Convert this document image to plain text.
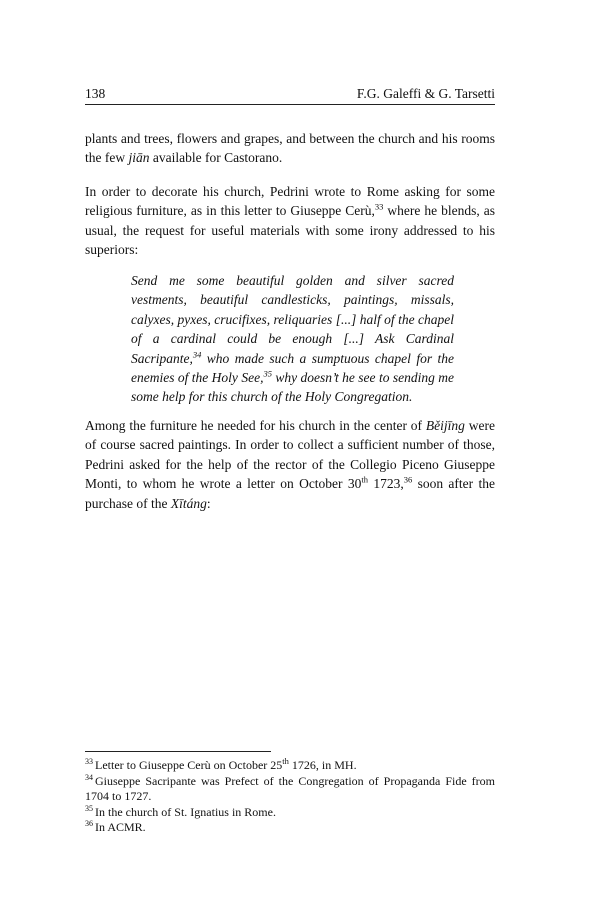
138	F.G. Galeffi & G. Tarsetti

plants and trees, flowers and grapes, and between the church and his rooms the few jiān available for Castorano.

In order to decorate his church, Pedrini wrote to Rome asking for some religious furniture, as in this letter to Giuseppe Cerù,$^{33}$ where he blends, as usual, the request for useful materials with some irony addressed to his superiors:

Send me some beautiful golden and silver sacred vestments, beautiful candlesticks, paintings, missals, calyxes, pyxes, crucifixes, reliquaries [...] half of the chapel of a cardinal could be enough [...] Ask Cardinal Sacripante,$^{34}$ who made such a sumptuous chapel for the enemies of the Holy See,$^{35}$ why doesn’t he see to sending me some help for this church of the Holy Congregation.

Among the furniture he needed for his church in the center of Běijīng were of course sacred paintings. In order to collect a sufficient number of those, Pedrini asked for the help of the rector of the Collegio Piceno Giuseppe Monti, to whom he wrote a letter on October 30th 1723,36 soon after the purchase of the Xītáng:

$^{33}$ Letter to Giuseppe Cerù on October 25th 1726, in MH.

$^{34}$ Giuseppe Sacripante was Prefect of the Congregation of Propaganda Fide from 1704 to 1727.

$^{35}$ In the church of St. Ignatius in Rome.

$^{36}$ In ACMR.
